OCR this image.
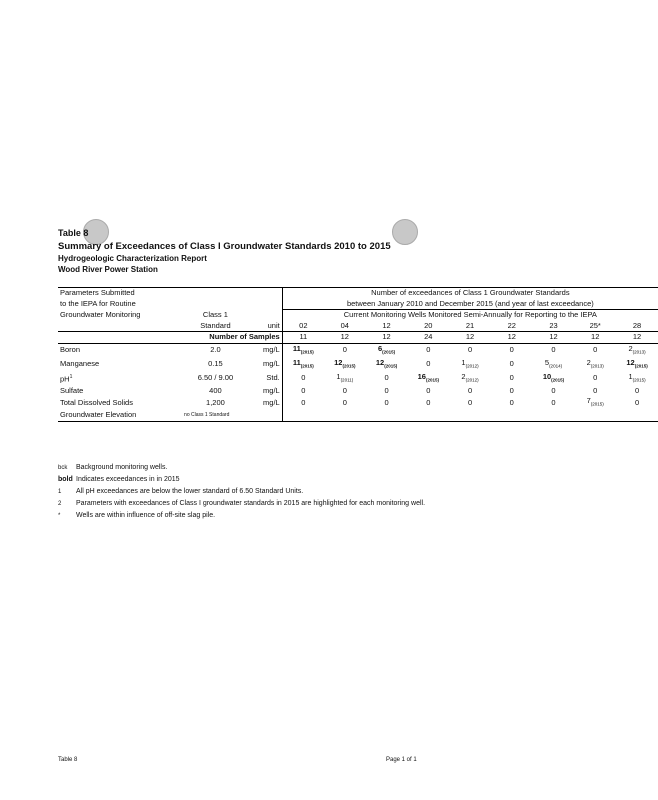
Table 8
Summary of Exceedances of Class I Groundwater Standards 2010 to 2015
Hydrogeologic Characterization Report
Wood River Power Station
Parameters Submitted			Number of exceedances of Class 1 Groundwater Standards								
to the IEPA for Routine			between January 2010 and December 2015 (and year of last exceedance)								
Groundwater Monitoring	Class 1		Current Monitoring Wells Monitored Semi-Annually for Reporting to the IEPA								
	Standard	unit	02	04	12	20	21	22	23	25*	28
	Number of Samples		11	12	12	24	12	12	12	12	12
Boron	2.0	mg/L	$11_{(2015)}$	0	$6_{(2015)}$	0	0	0	0	0	$2_{(2013)}$
Manganese	0.15	mg/L	$11_{(2015)}$	$12_{(2015)}$	$12_{(2015)}$	0	$1_{(2012)}$	0	$5_{(2014)}$	$2_{(2013)}$	$12_{(2015)}$
$pH^1$	6.50 / 9.00	Std.	0	$1_{(2011)}$	0	$16_{(2015)}$	$2_{(2012)}$	0	$10_{(2015)}$	0	$1_{(2015)}$
Sulfate	400	mg/L	0	0	0	0	0	0	0	0	0
Total Dissolved Solids	1,200	mg/L	0	0	0	0	0	0	0	$7_{(2015)}$	0
Groundwater Elevation	no Class 1 Standard										
bck Background monitoring wells.
bold Indicates exceedances in in 2015
1 All pH exceedances are below the lower standard of 6.50 Standard Units.
2 Parameters with exceedances of Class I groundwater standards in 2015 are highlighted for each monitoring well.
* Wells are within influence of off-site slag pile.
Table 8	Page 1 of 1
